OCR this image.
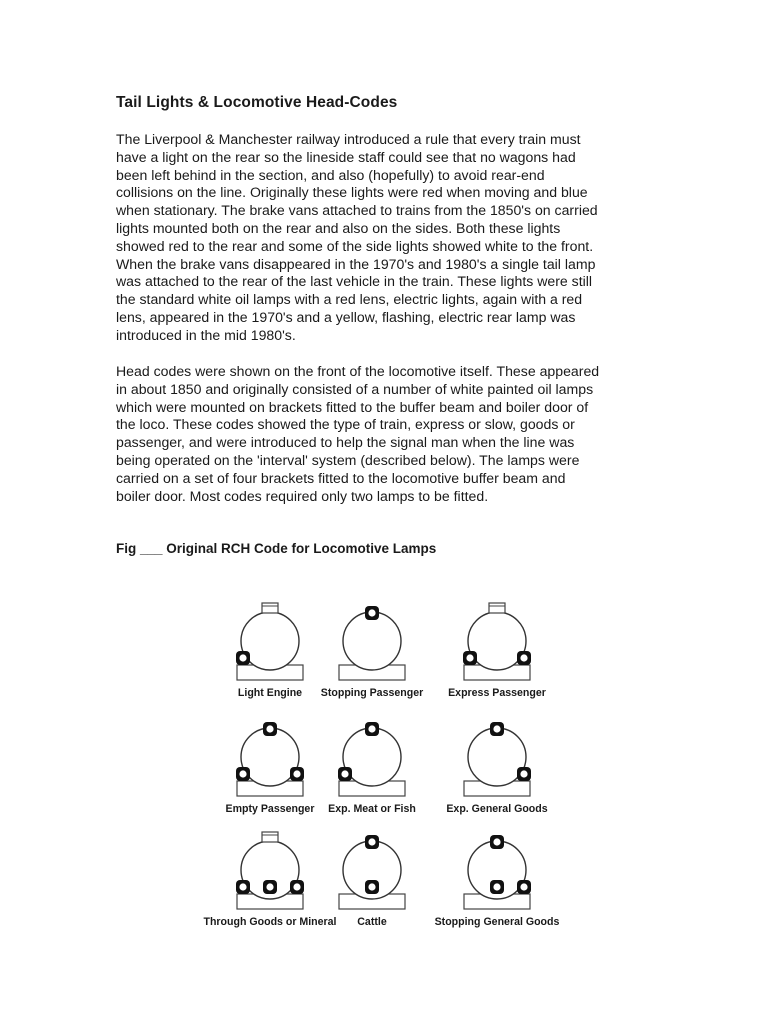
Tail Lights & Locomotive Head-Codes
The Liverpool & Manchester railway introduced a rule that every train must
have a light on the rear so the lineside staff could see that no wagons had
been left behind in the section, and also (hopefully) to avoid rear-end
collisions on the line. Originally these lights were red when moving and blue
when stationary. The brake vans attached to trains from the 1850's on carried
lights mounted both on the rear and also on the sides. Both these lights
showed red to the rear and some of the side lights showed white to the front.
When the brake vans disappeared in the 1970's and 1980's a single tail lamp
was attached to the rear of the last vehicle in the train. These lights were still
the standard white oil lamps with a red lens, electric lights, again with a red
lens, appeared in the 1970's and a yellow, flashing, electric rear lamp was
introduced in the mid 1980's.
Head codes were shown on the front of the locomotive itself. These appeared
in about 1850 and originally consisted of a number of white painted oil lamps
which were mounted on brackets fitted to the buffer beam and boiler door of
the loco. These codes showed the type of train, express or slow, goods or
passenger, and were introduced to help the signal man when the line was
being operated on the 'interval' system (described below). The lamps were
carried on a set of four brackets fitted to the locomotive buffer beam and
boiler door. Most codes required only two lamps to be fitted.

Fig ___ Original RCH Code for Locomotive Lamps

Light Engine Stopping Passenger Express Passenger
Empty Passenger Exp. Meat or Fish	Exp. General Goods
Through Goods or Mineral Cattle	Stopping General Goods
